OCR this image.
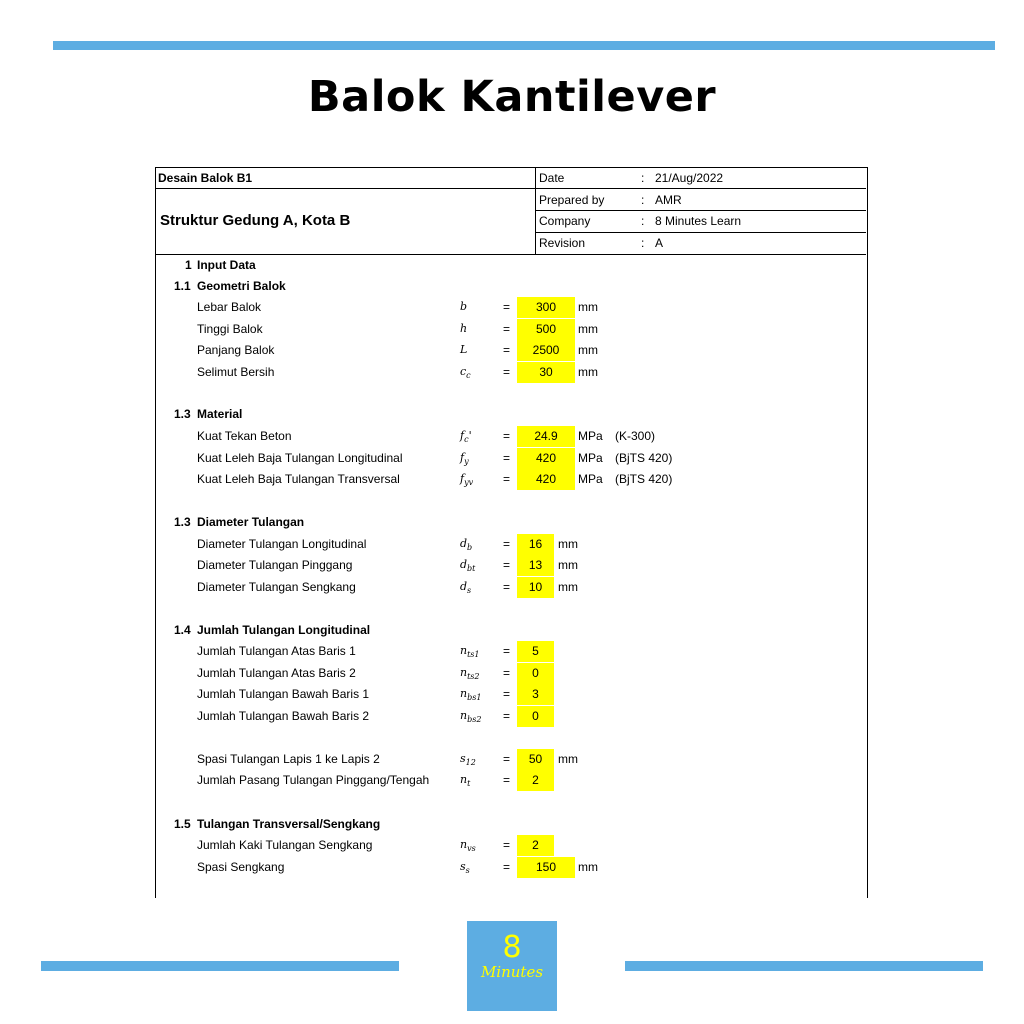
Balok Kantilever
Desain Balok B1
Struktur Gedung A, Kota B
Date	: 21/Aug/2022
Prepared by	: AMR
Company	: 8 Minutes Learn
Revision	: A
1 Input Data
1.1 Geometri Balok
Lebar Balok	b	=	300	mm
Tinggi Balok	h	=	500	mm
Panjang Balok	L	=	2500	mm
Selimut Bersih	$c_c$	=	30	mm
1.3 Material
Kuat Tekan Beton	$f_c'$	=	24.9	MPa (K-300)
Kuat Leleh Baja Tulangan Longitudinal	$f_y$	=	420	MPa (BjTS 420)
Kuat Leleh Baja Tulangan Transversal	$f_{yv}$ =	420	MPa (BjTS 420)
1.3 Diameter Tulangan
Diameter Tulangan Longitudinal	$d_b$	=	16	mm
Diameter Tulangan Pinggang	$d_{bt}$ =	13	mm
Diameter Tulangan Sengkang	$d_s$	=	10	mm
1.4 Jumlah Tulangan Longitudinal
Jumlah Tulangan Atas Baris 1	$n_{ts1}$ =	5
Jumlah Tulangan Atas Baris 2	$n_{ts2}$ =	0
Jumlah Tulangan Bawah Baris 1	$n_{bs1}$ =	3
Jumlah Tulangan Bawah Baris 2	$n_{bs2}$ =	0
Spasi Tulangan Lapis 1 ke Lapis 2	$s_{12}$ =	50	mm
Jumlah Pasang Tulangan Pinggang/Tengah	$n_t$	=	2
1.5 Tulangan Transversal/Sengkang
Jumlah Kaki Tulangan Sengkang	$n_{vs}$ =	2
Spasi Sengkang	$s_s$	=	150	mm
8
Minutes
